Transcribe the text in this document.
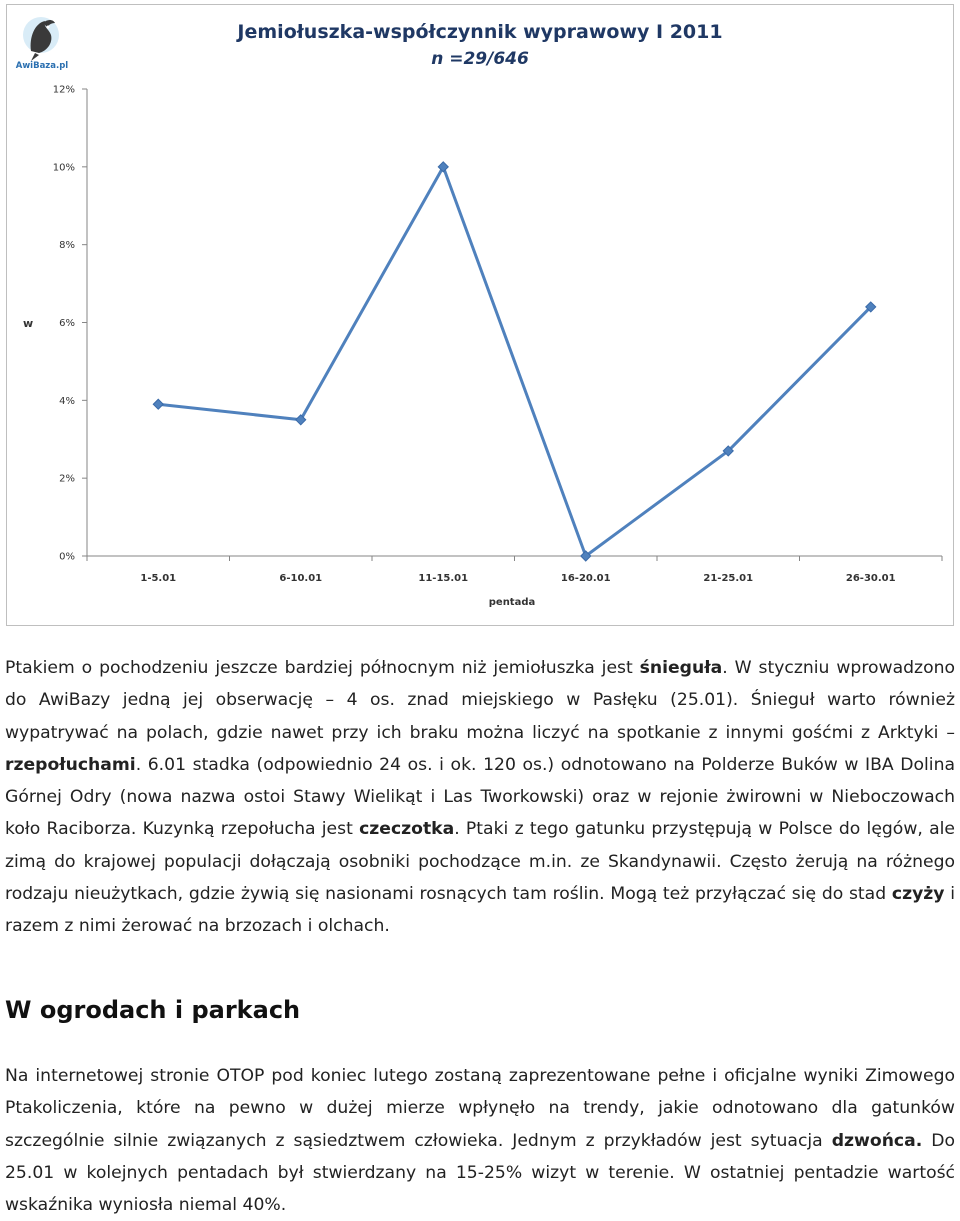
AwiBaza.pl
Jemiołuszka-współczynnik wyprawowy I 2011
n =29/646
w
pentada
0%
2%
4%
6%
8%
10%
12%
1-5.01	6-10.01	11-15.01	16-20.01	21-25.01	26-30.01
Ptakiem o pochodzeniu jeszcze bardziej północnym niż jemiołuszka jest śnieguła. W styczniu wprowadzono do AwiBazy jedną jej obserwację – 4 os. znad miejskiego w Pasłęku (25.01). Śnieguł warto również wypatrywać na polach, gdzie nawet przy ich braku można liczyć na spotkanie z innymi gośćmi z Arktyki – rzepołuchami. 6.01 stadka (odpowiednio 24 os. i ok. 120 os.) odnotowano na Polderze Buków w IBA Dolina Górnej Odry (nowa nazwa ostoi Stawy Wielikąt i Las Tworkowski) oraz w rejonie żwirowni w Nieboczowach koło Raciborza. Kuzynką rzepołucha jest czeczotka. Ptaki z tego gatunku przystępują w Polsce do lęgów, ale zimą do krajowej populacji dołączają osobniki pochodzące m.in. ze Skandynawii. Często żerują na różnego rodzaju nieużytkach, gdzie żywią się nasionami rosnących tam roślin. Mogą też przyłączać się do stad czyży i razem z nimi żerować na brzozach i olchach.
W ogrodach i parkach
Na internetowej stronie OTOP pod koniec lutego zostaną zaprezentowane pełne i oficjalne wyniki Zimowego Ptakoliczenia, które na pewno w dużej mierze wpłynęło na trendy, jakie odnotowano dla gatunków szczególnie silnie związanych z sąsiedztwem człowieka. Jednym z przykładów jest sytuacja dzwońca. Do 25.01 w kolejnych pentadach był stwierdzany na 15-25% wizyt w terenie. W ostatniej pentadzie wartość wskaźnika wyniosła niemal 40%.
